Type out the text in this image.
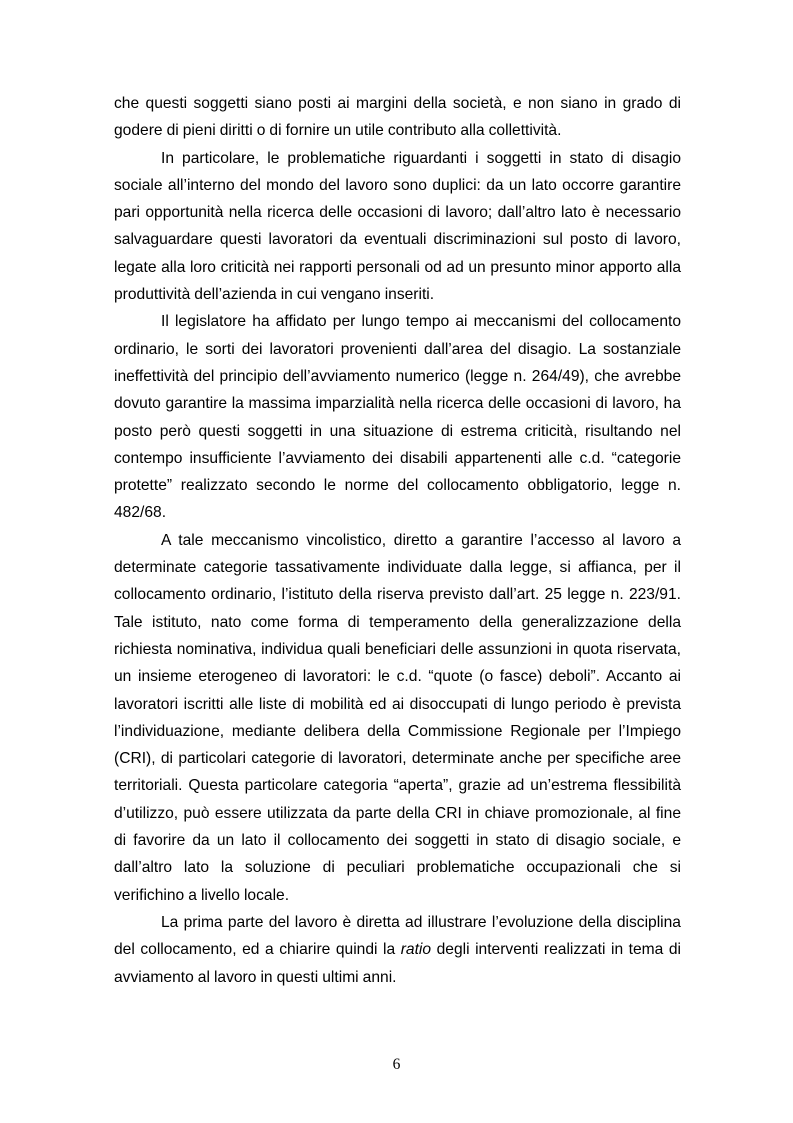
che questi soggetti siano posti ai margini della società, e non siano in grado di godere di pieni diritti o di fornire un utile contributo alla collettività.

In particolare, le problematiche riguardanti i soggetti in stato di disagio sociale all’interno del mondo del lavoro sono duplici: da un lato occorre garantire pari opportunità nella ricerca delle occasioni di lavoro; dall’altro lato è necessario salvaguardare questi lavoratori da eventuali discriminazioni sul posto di lavoro, legate alla loro criticità nei rapporti personali od ad un presunto minor apporto alla produttività dell’azienda in cui vengano inseriti.

Il legislatore ha affidato per lungo tempo ai meccanismi del collocamento ordinario, le sorti dei lavoratori provenienti dall’area del disagio. La sostanziale ineffettività del principio dell’avviamento numerico (legge n. 264/49), che avrebbe dovuto garantire la massima imparzialità nella ricerca delle occasioni di lavoro, ha posto però questi soggetti in una situazione di estrema criticità, risultando nel contempo insufficiente l’avviamento dei disabili appartenenti alle c.d. “categorie protette” realizzato secondo le norme del collocamento obbligatorio, legge n. 482/68.

A tale meccanismo vincolistico, diretto a garantire l’accesso al lavoro a determinate categorie tassativamente individuate dalla legge, si affianca, per il collocamento ordinario, l’istituto della riserva previsto dall’art. 25 legge n. 223/91. Tale istituto, nato come forma di temperamento della generalizzazione della richiesta nominativa, individua quali beneficiari delle assunzioni in quota riservata, un insieme eterogeneo di lavoratori: le c.d. “quote (o fasce) deboli”. Accanto ai lavoratori iscritti alle liste di mobilità ed ai disoccupati di lungo periodo è prevista l’individuazione, mediante delibera della Commissione Regionale per l’Impiego (CRI), di particolari categorie di lavoratori, determinate anche per specifiche aree territoriali. Questa particolare categoria “aperta”, grazie ad un’estrema flessibilità d’utilizzo, può essere utilizzata da parte della CRI in chiave promozionale, al fine di favorire da un lato il collocamento dei soggetti in stato di disagio sociale, e dall’altro lato la soluzione di peculiari problematiche occupazionali che si verifichino a livello locale.

La prima parte del lavoro è diretta ad illustrare l’evoluzione della disciplina del collocamento, ed a chiarire quindi la ratio degli interventi realizzati in tema di avviamento al lavoro in questi ultimi anni.

6
